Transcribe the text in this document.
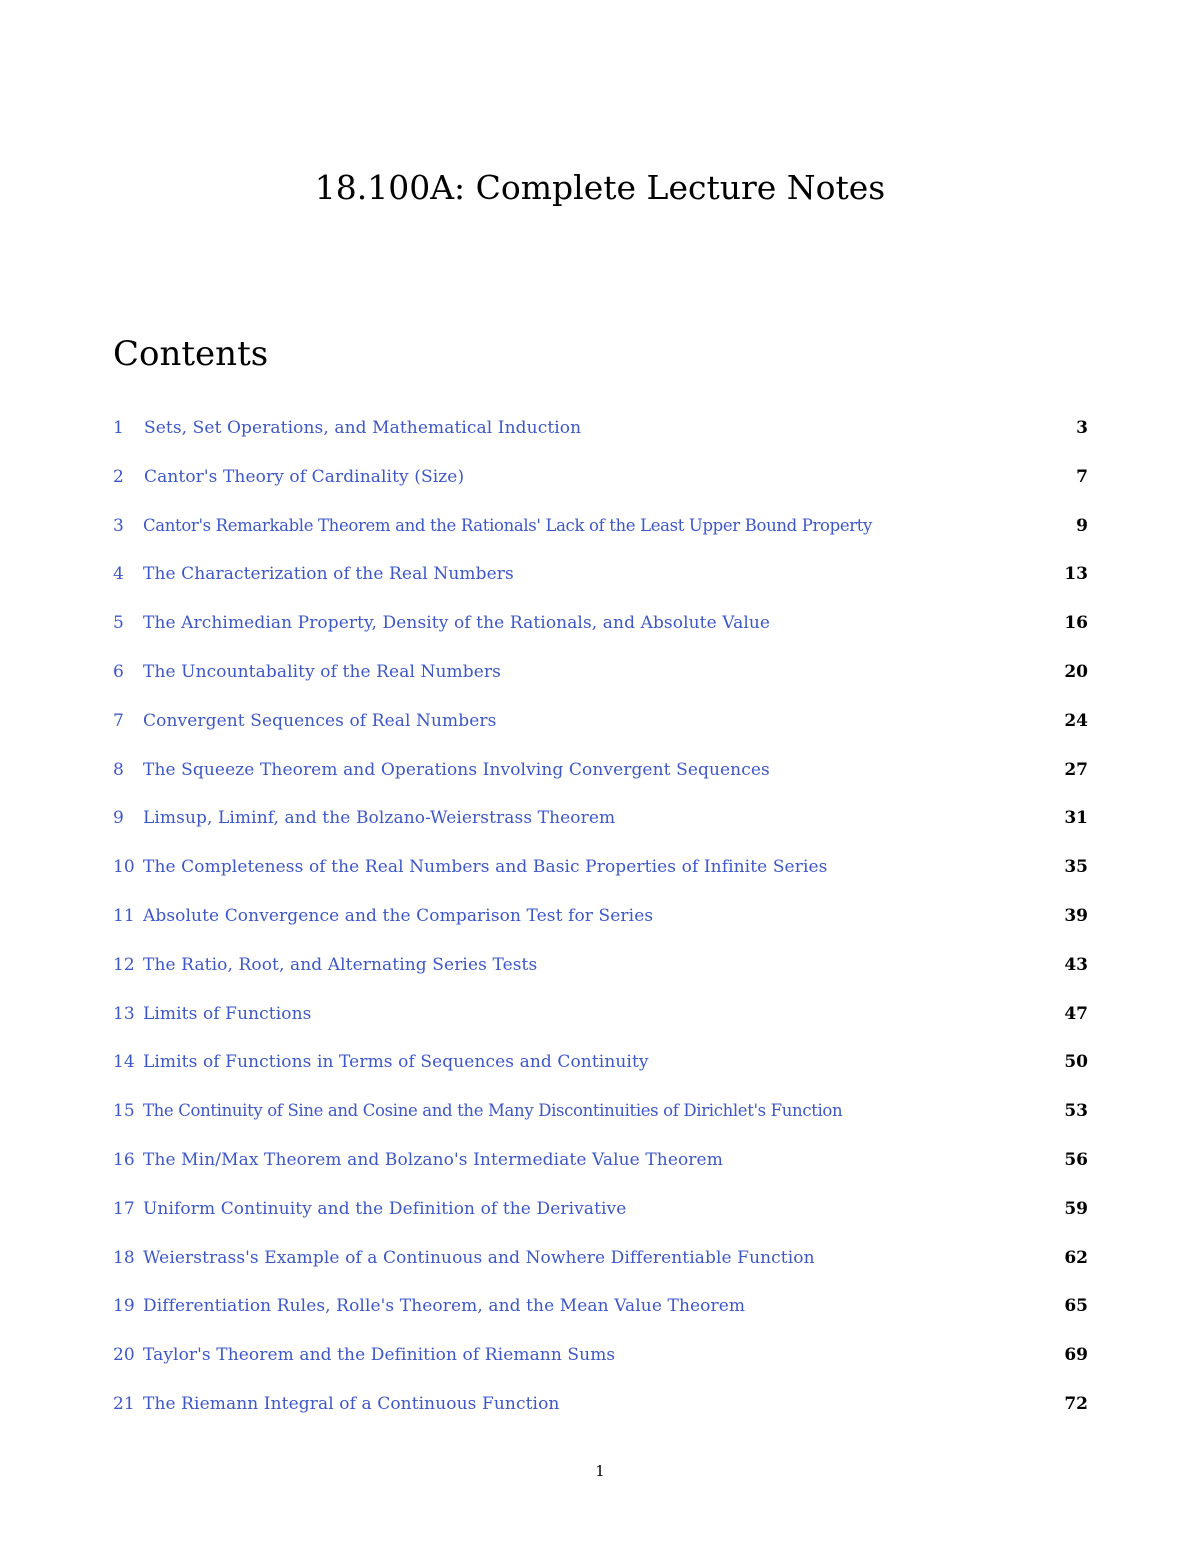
18.100A: Complete Lecture Notes
Contents
1	Sets, Set Operations, and Mathematical Induction	3
2	Cantor's Theory of Cardinality (Size)	7
3	Cantor's Remarkable Theorem and the Rationals' Lack of the Least Upper Bound Property	9
4	The Characterization of the Real Numbers	13
5	The Archimedian Property, Density of the Rationals, and Absolute Value	16
6	The Uncountabality of the Real Numbers	20
7	Convergent Sequences of Real Numbers	24
8	The Squeeze Theorem and Operations Involving Convergent Sequences	27
9	Limsup, Liminf, and the Bolzano-Weierstrass Theorem	31
10 The Completeness of the Real Numbers and Basic Properties of Infinite Series	35
11 Absolute Convergence and the Comparison Test for Series	39
12 The Ratio, Root, and Alternating Series Tests	43
13 Limits of Functions	47
14 Limits of Functions in Terms of Sequences and Continuity	50
15 The Continuity of Sine and Cosine and the Many Discontinuities of Dirichlet's Function	53
16 The Min/Max Theorem and Bolzano's Intermediate Value Theorem	56
17 Uniform Continuity and the Definition of the Derivative	59
18 Weierstrass's Example of a Continuous and Nowhere Differentiable Function	62
19 Differentiation Rules, Rolle's Theorem, and the Mean Value Theorem	65
20 Taylor's Theorem and the Definition of Riemann Sums	69
21 The Riemann Integral of a Continuous Function	72
1
